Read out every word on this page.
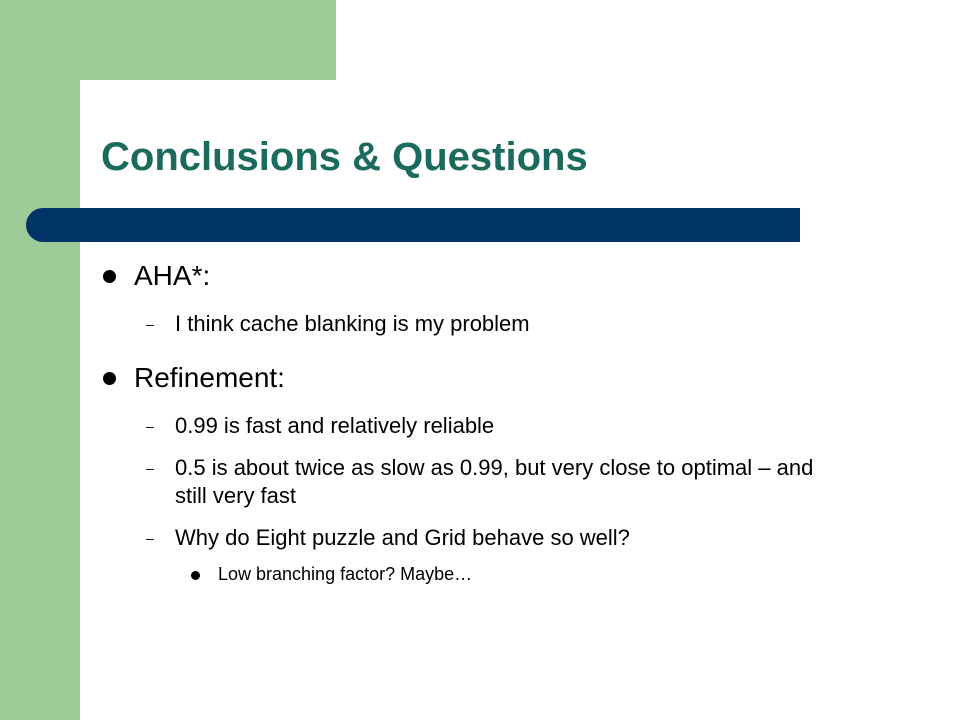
Conclusions & Questions
AHA*:
– I think cache blanking is my problem
Refinement:
– 0.99 is fast and relatively reliable
– 0.5 is about twice as slow as 0.99, but very close to optimal – and still very fast
– Why do Eight puzzle and Grid behave so well?
Low branching factor? Maybe…
